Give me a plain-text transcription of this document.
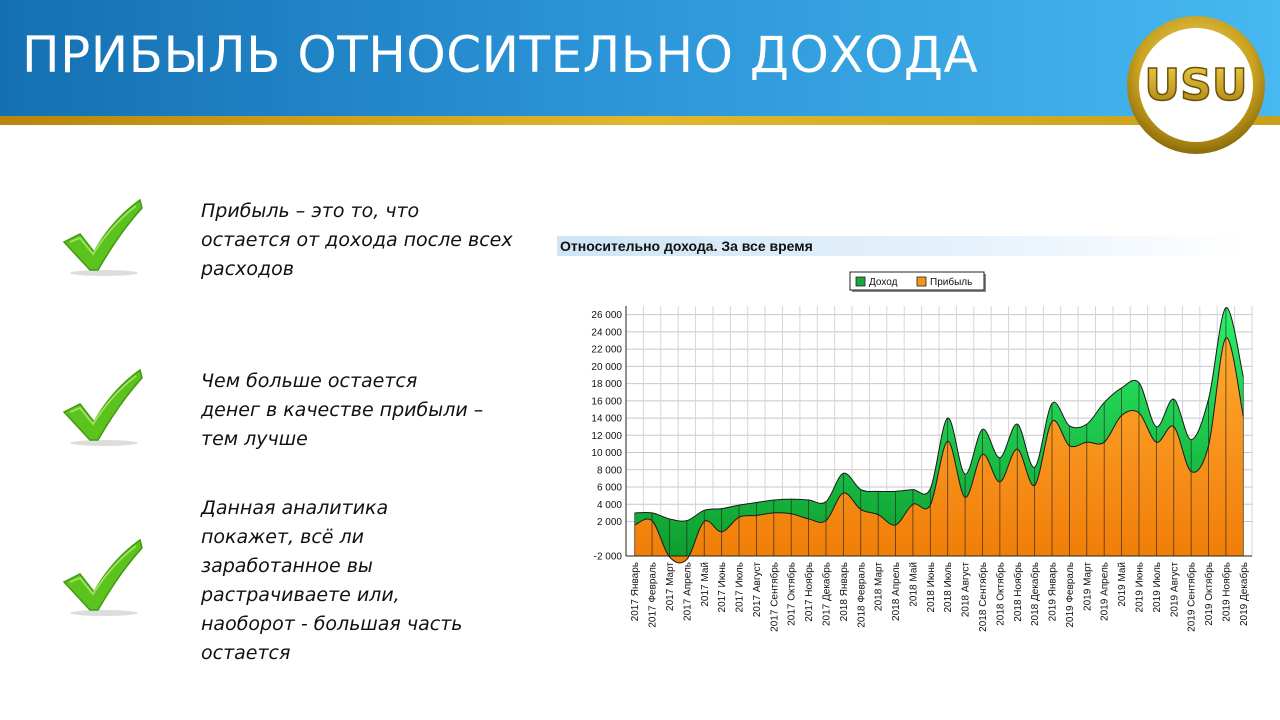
ПРИБЫЛЬ ОТНОСИТЕЛЬНО ДОХОДА
USU
Прибыль – это то, что
остается от дохода после всех
расходов
Чем больше остается
денег в качестве прибыли –
тем лучше
Данная аналитика
покажет, всё ли
заработанное вы
растрачиваете или,
наоборот - большая часть
остается
Относительно дохода. За все время
-2 000
2 000
4 000
6 000
8 000
10 000
12 000
14 000
16 000
18 000
20 000
22 000
24 000
26 000
2017 Январь 2017 Февраль 2017 Март 2017 Апрель 2017 Май 2017 Июнь 2017 Июль 2017 Август 2017 Сентябрь 2017 Октябрь 2017 Ноябрь 2017 Декабрь 2018 Январь 2018 Февраль 2018 Март 2018 Апрель 2018 Май 2018 Июнь 2018 Июль 2018 Август 2018 Сентябрь 2018 Октябрь 2018 Ноябрь 2018 Декабрь 2019 Январь 2019 Февраль 2019 Март 2019 Апрель 2019 Май 2019 Июнь 2019 Июль 2019 Август 2019 Сентябрь 2019 Октябрь 2019 Ноябрь 2019 Декабрь
Доход	Прибыль
